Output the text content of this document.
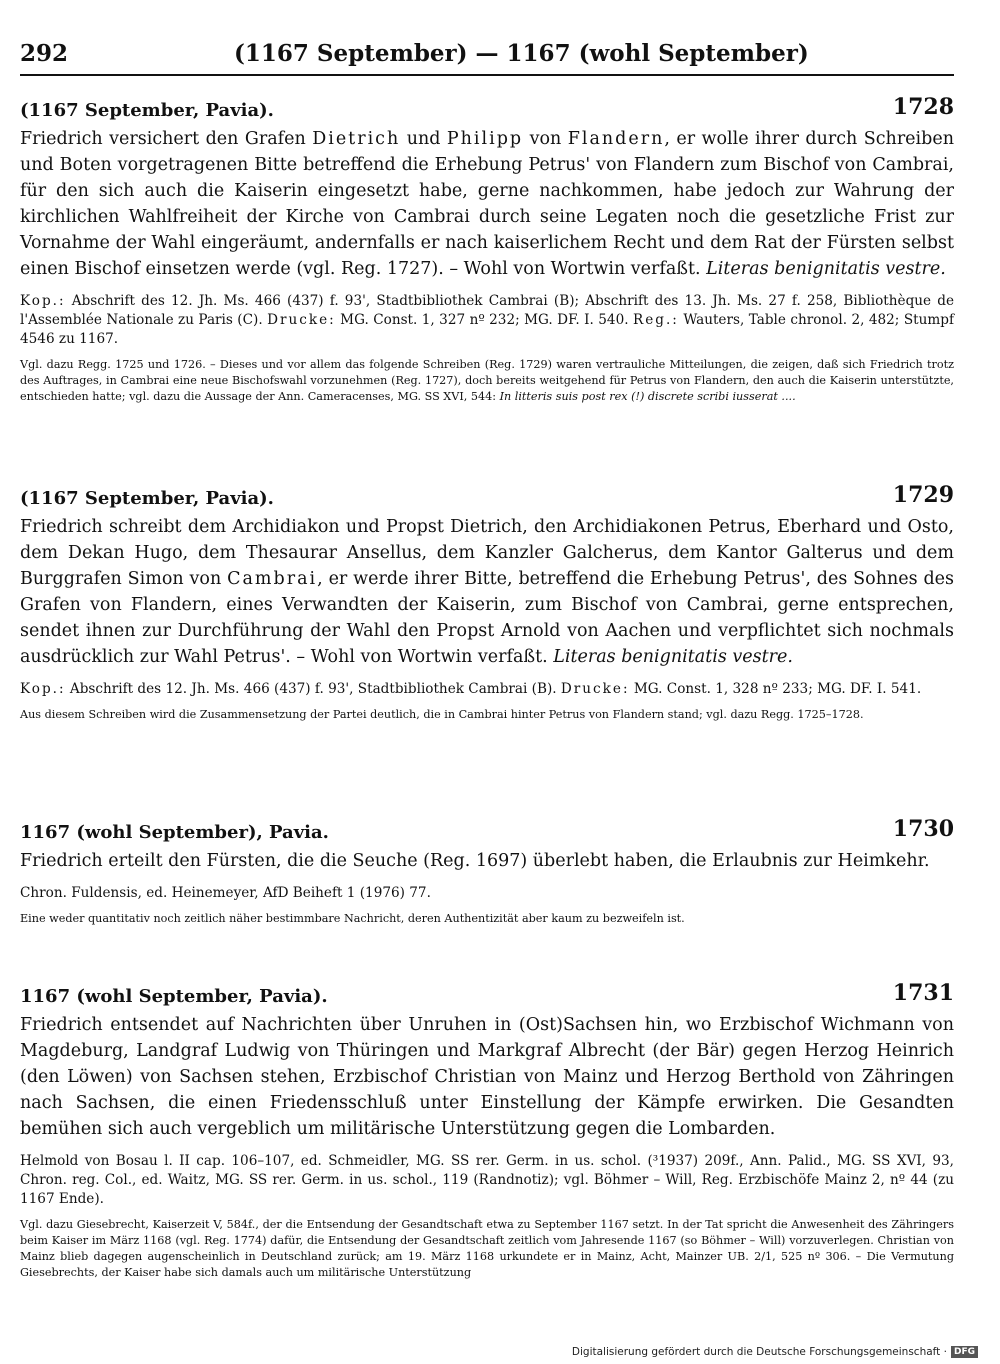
292	(1167 September) — 1167 (wohl September)
(1167 September, Pavia).	1728

Friedrich versichert den Grafen Dietrich und Philipp von Flandern, er wolle ihrer durch Schreiben und Boten vorgetragenen Bitte betreffend die Erhebung Petrus' von Flandern zum Bischof von Cambrai, für den sich auch die Kaiserin eingesetzt habe, gerne nachkommen, habe jedoch zur Wahrung der kirchlichen Wahlfreiheit der Kirche von Cambrai durch seine Legaten noch die gesetzliche Frist zur Vornahme der Wahl eingeräumt, andernfalls er nach kaiserlichem Recht und dem Rat der Fürsten selbst einen Bischof einsetzen werde (vgl. Reg. 1727). – Wohl von Wortwin verfaßt. Literas benignitatis vestre.

Kop.: Abschrift des 12. Jh. Ms. 466 (437) f. 93', Stadtbibliothek Cambrai (B); Abschrift des 13. Jh. Ms. 27 f. 258, Bibliothèque de l'Assemblée Nationale zu Paris (C). Drucke: MG. Const. 1, 327 nº 232; MG. DF. I. 540. Reg.: Wauters, Table chronol. 2, 482; Stumpf 4546 zu 1167.

Vgl. dazu Regg. 1725 und 1726. – Dieses und vor allem das folgende Schreiben (Reg. 1729) waren vertrauliche Mitteilungen, die zeigen, daß sich Friedrich trotz des Auftrages, in Cambrai eine neue Bischofswahl vorzunehmen (Reg. 1727), doch bereits weitgehend für Petrus von Flandern, den auch die Kaiserin unterstützte, entschieden hatte; vgl. dazu die Aussage der Ann. Cameracenses, MG. SS XVI, 544: In litteris suis post rex (!) discrete scribi iusserat ....

(1167 September, Pavia).	1729

Friedrich schreibt dem Archidiakon und Propst Dietrich, den Archidiakonen Petrus, Eberhard und Osto, dem Dekan Hugo, dem Thesaurar Ansellus, dem Kanzler Galcherus, dem Kantor Galterus und dem Burggrafen Simon von Cambrai, er werde ihrer Bitte, betreffend die Erhebung Petrus', des Sohnes des Grafen von Flandern, eines Verwandten der Kaiserin, zum Bischof von Cambrai, gerne entsprechen, sendet ihnen zur Durchführung der Wahl den Propst Arnold von Aachen und verpflichtet sich nochmals ausdrücklich zur Wahl Petrus'. – Wohl von Wortwin verfaßt. Literas benignitatis vestre.

Kop.: Abschrift des 12. Jh. Ms. 466 (437) f. 93', Stadtbibliothek Cambrai (B). Drucke: MG. Const. 1, 328 nº 233; MG. DF. I. 541.

Aus diesem Schreiben wird die Zusammensetzung der Partei deutlich, die in Cambrai hinter Petrus von Flandern stand; vgl. dazu Regg. 1725–1728.

1167 (wohl September), Pavia.	1730

Friedrich erteilt den Fürsten, die die Seuche (Reg. 1697) überlebt haben, die Erlaubnis zur Heimkehr.

Chron. Fuldensis, ed. Heinemeyer, AfD Beiheft 1 (1976) 77.

Eine weder quantitativ noch zeitlich näher bestimmbare Nachricht, deren Authentizität aber kaum zu bezweifeln ist.

1167 (wohl September, Pavia).	1731

Friedrich entsendet auf Nachrichten über Unruhen in (Ost)Sachsen hin, wo Erzbischof Wichmann von Magdeburg, Landgraf Ludwig von Thüringen und Markgraf Albrecht (der Bär) gegen Herzog Heinrich (den Löwen) von Sachsen stehen, Erzbischof Christian von Mainz und Herzog Berthold von Zähringen nach Sachsen, die einen Friedensschluß unter Einstellung der Kämpfe erwirken. Die Gesandten bemühen sich auch vergeblich um militärische Unterstützung gegen die Lombarden.

Helmold von Bosau l. II cap. 106–107, ed. Schmeidler, MG. SS rer. Germ. in us. schol. (³1937) 209f., Ann. Palid., MG. SS XVI, 93, Chron. reg. Col., ed. Waitz, MG. SS rer. Germ. in us. schol., 119 (Randnotiz); vgl. Böhmer – Will, Reg. Erzbischöfe Mainz 2, nº 44 (zu 1167 Ende).

Vgl. dazu Giesebrecht, Kaiserzeit V, 584f., der die Entsendung der Gesandtschaft etwa zu September 1167 setzt. In der Tat spricht die Anwesenheit des Zähringers beim Kaiser im März 1168 (vgl. Reg. 1774) dafür, die Entsendung der Gesandtschaft zeitlich vom Jahresende 1167 (so Böhmer – Will) vorzuverlegen. Christian von Mainz blieb dagegen augenscheinlich in Deutschland zurück; am 19. März 1168 urkundete er in Mainz, Acht, Mainzer UB. 2/1, 525 nº 306. – Die Vermutung Giesebrechts, der Kaiser habe sich damals auch um militärische Unterstützung

Digitalisierung gefördert durch die Deutsche Forschungsgemeinschaft · DFG
